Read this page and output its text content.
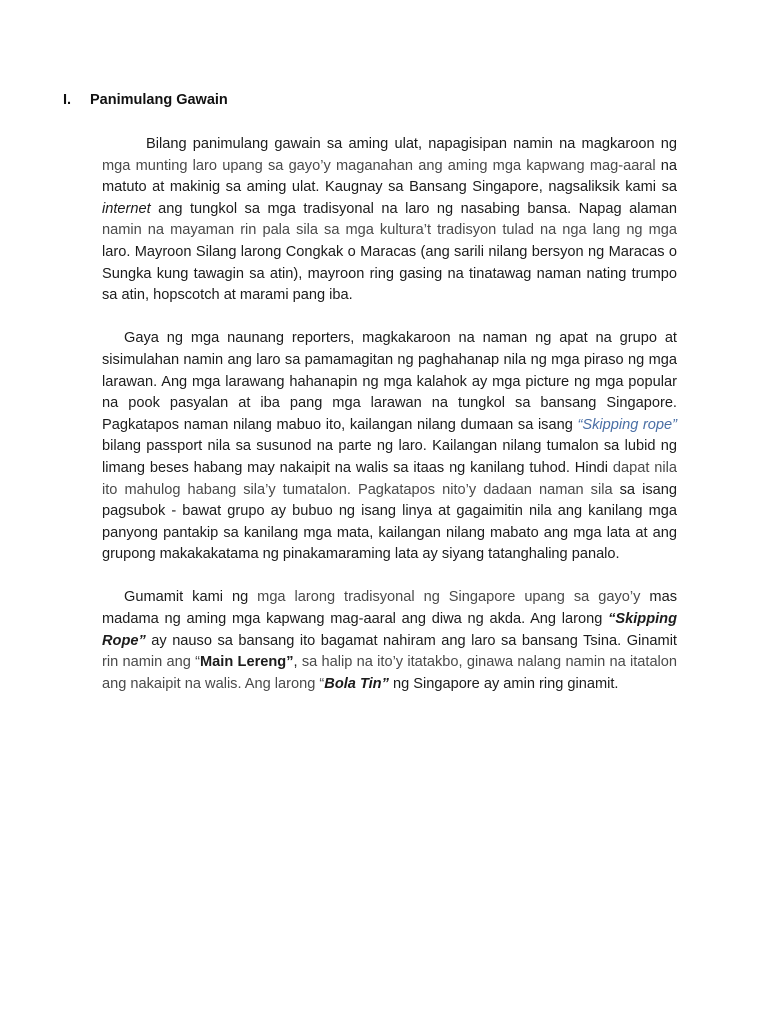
I. Panimulang Gawain

Bilang panimulang gawain sa aming ulat, napagisipan namin na magkaroon ng mga munting laro upang sa gayo’y maganahan ang aming mga kapwang mag-aaral na matuto at makinig sa aming ulat. Kaugnay sa Bansang Singapore, nagsaliksik kami sa internet ang tungkol sa mga tradisyonal na laro ng nasabing bansa. Napag alaman namin na mayaman rin pala sila sa mga kultura’t tradisyon tulad na nga lang ng mga laro. Mayroon Silang larong Congkak o Maracas (ang sarili nilang bersyon ng Maracas o Sungka kung tawagin sa atin), mayroon ring gasing na tinatawag naman nating trumpo sa atin, hopscotch at marami pang iba.

Gaya ng mga naunang reporters, magkakaroon na naman ng apat na grupo at sisimulahan namin ang laro sa pamamagitan ng paghahanap nila ng mga piraso ng mga larawan. Ang mga larawang hahanapin ng mga kalahok ay mga picture ng mga popular na pook pasyalan at iba pang mga larawan na tungkol sa bansang Singapore. Pagkatapos naman nilang mabuo ito, kailangan nilang dumaan sa isang “Skipping rope” bilang passport nila sa susunod na parte ng laro. Kailangan nilang tumalon sa lubid ng limang beses habang may nakaipit na walis sa itaas ng kanilang tuhod. Hindi dapat nila ito mahulog habang sila’y tumatalon. Pagkatapos nito’y dadaan naman sila sa isang pagsubok - bawat grupo ay bubuo ng isang linya at gagaimitin nila ang kanilang mga panyong pantakip sa kanilang mga mata, kailangan nilang mabato ang mga lata at ang grupong makakakatama ng pinakamaraming lata ay siyang tatanghaling panalo.

Gumamit kami ng mga larong tradisyonal ng Singapore upang sa gayo’y mas madama ng aming mga kapwang mag-aaral ang diwa ng akda. Ang larong “Skipping Rope” ay nauso sa bansang ito bagamat nahiram ang laro sa bansang Tsina. Ginamit rin namin ang “Main Lereng”, sa halip na ito’y itatakbo, ginawa nalang namin na itatalon ang nakaipit na walis. Ang larong “Bola Tin” ng Singapore ay amin ring ginamit.
